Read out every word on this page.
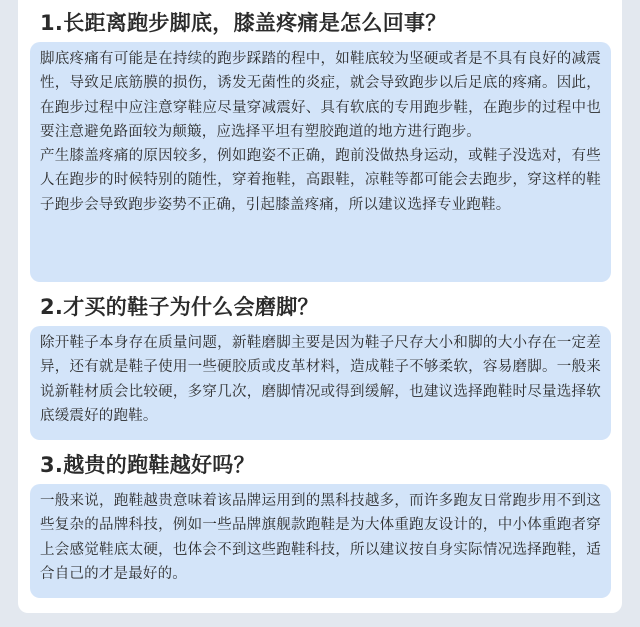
1.长距离跑步脚底，膝盖疼痛是怎么回事？

脚底疼痛有可能是在持续的跑步踩踏的程中，如鞋底较为坚硬或者是不具有良好的减震性，导致足底筋膜的损伤，诱发无菌性的炎症，就会导致跑步以后足底的疼痛。因此，在跑步过程中应注意穿鞋应尽量穿减震好、具有软底的专用跑步鞋，在跑步的过程中也要注意避免路面较为颠簸，应选择平坦有塑胶跑道的地方进行跑步。

产生膝盖疼痛的原因较多，例如跑姿不正确，跑前没做热身运动，或鞋子没选对，有些人在跑步的时候特别的随性，穿着拖鞋，高跟鞋，凉鞋等都可能会去跑步，穿这样的鞋子跑步会导致跑步姿势不正确，引起膝盖疼痛，所以建议选择专业跑鞋。

2.才买的鞋子为什么会磨脚？

除开鞋子本身存在质量问题，新鞋磨脚主要是因为鞋子尺存大小和脚的大小存在一定差异，还有就是鞋子使用一些硬胶质或皮革材料，造成鞋子不够柔软，容易磨脚。一般来说新鞋材质会比较硬，多穿几次，磨脚情况或得到缓解，也建议选择跑鞋时尽量选择软底缓震好的跑鞋。

3.越贵的跑鞋越好吗？

一般来说，跑鞋越贵意味着该品牌运用到的黑科技越多，而许多跑友日常跑步用不到这些复杂的品牌科技，例如一些品牌旗舰款跑鞋是为大体重跑友设计的，中小体重跑者穿上会感觉鞋底太硬，也体会不到这些跑鞋科技，所以建议按自身实际情况选择跑鞋，适合自己的才是最好的。
